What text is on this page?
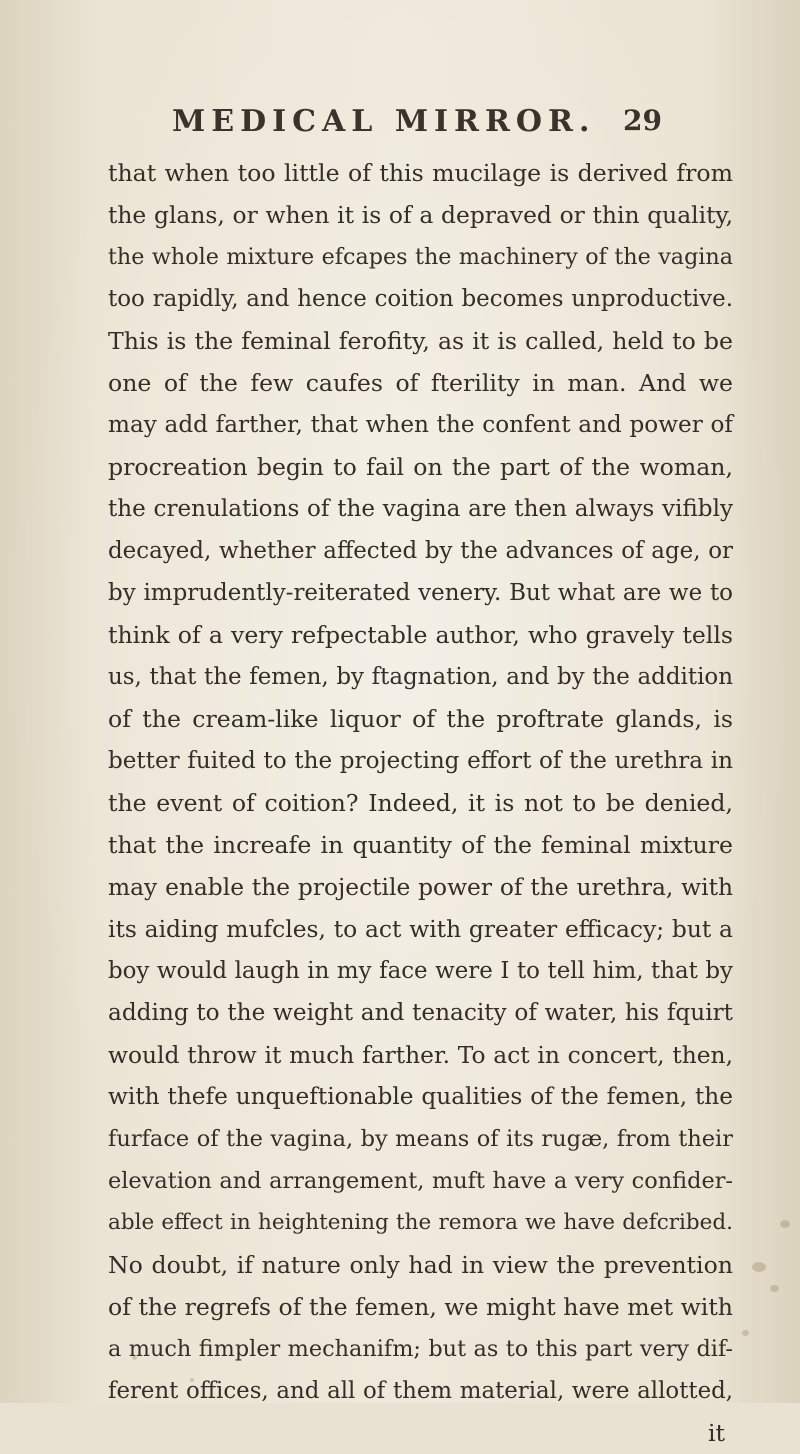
MEDICAL MIRROR. 29
that when too little of this mucilage is derived from
the glans, or when it is of a depraved or thin quality,
the whole mixture efcapes the machinery of the vagina
too rapidly, and hence coition becomes unproductive.
This is the feminal ferofity, as it is called, held to be
one of the few caufes of fterility in man. And we
may add farther, that when the confent and power of
procreation begin to fail on the part of the woman,
the crenulations of the vagina are then always vifibly
decayed, whether affected by the advances of age, or
by imprudently-reiterated venery. But what are we to
think of a very refpectable author, who gravely tells
us, that the femen, by ftagnation, and by the addition
of the cream-like liquor of the proftrate glands, is
better fuited to the projecting effort of the urethra in
the event of coition? Indeed, it is not to be denied,
that the increafe in quantity of the feminal mixture
may enable the projectile power of the urethra, with
its aiding mufcles, to act with greater efficacy; but a
boy would laugh in my face were I to tell him, that by
adding to the weight and tenacity of water, his fquirt
would throw it much farther. To act in concert, then,
with thefe unqueftionable qualities of the femen, the
furface of the vagina, by means of its rugæ, from their
elevation and arrangement, muft have a very confider-
able effect in heightening the remora we have defcribed.
No doubt, if nature only had in view the prevention
of the regrefs of the femen, we might have met with
a much fimpler mechanifm; but as to this part very dif-
ferent offices, and all of them material, were allotted,
it
